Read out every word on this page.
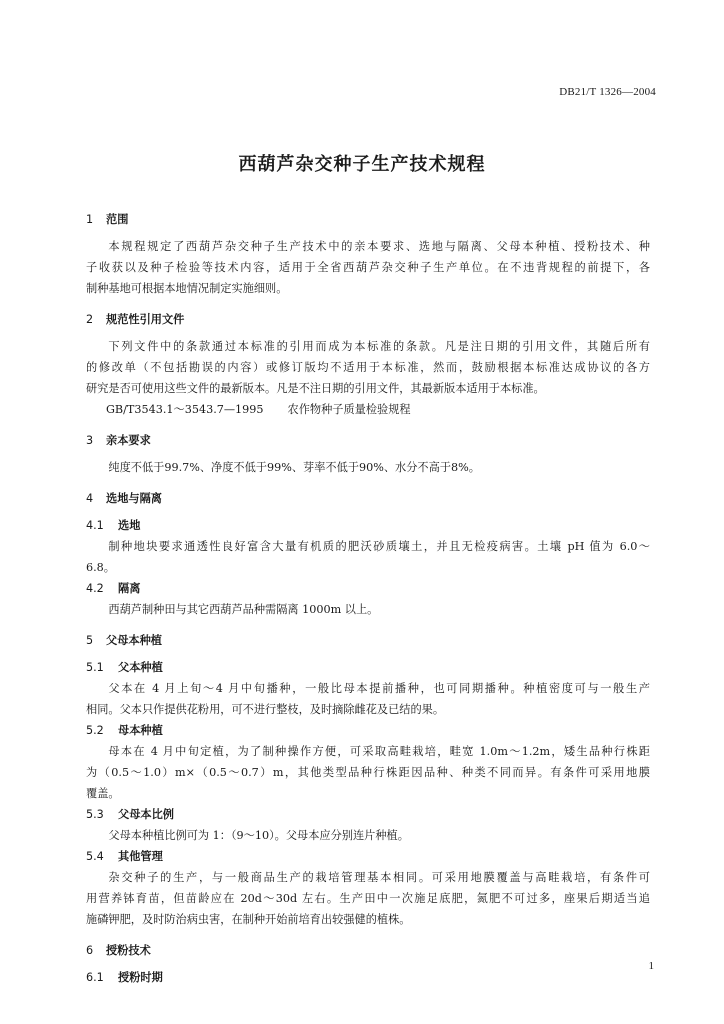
DB21/T 1326—2004
西葫芦杂交种子生产技术规程
1 范围
本规程规定了西葫芦杂交种子生产技术中的亲本要求、选地与隔离、父母本种植、授粉技术、种
子收获以及种子检验等技术内容，适用于全省西葫芦杂交种子生产单位。在不违背规程的前提下，各
制种基地可根据本地情况制定实施细则。
2 规范性引用文件
下列文件中的条款通过本标准的引用而成为本标准的条款。凡是注日期的引用文件，其随后所有
的修改单（不包括勘误的内容）或修订版均不适用于本标准，然而，鼓励根据本标准达成协议的各方
研究是否可使用这些文件的最新版本。凡是不注日期的引用文件，其最新版本适用于本标准。
GB/T3543.1～3543.7—1995 农作物种子质量检验规程
3 亲本要求
纯度不低于99.7%、净度不低于99%、芽率不低于90%、水分不高于8%。
4 选地与隔离
4.1 选地
制种地块要求通透性良好富含大量有机质的肥沃砂质壤土，并且无检疫病害。土壤 pH 值为 6.0～
6.8。
4.2 隔离
西葫芦制种田与其它西葫芦品种需隔离 1000m 以上。
5 父母本种植
5.1 父本种植
父本在 4 月上旬～4 月中旬播种，一般比母本提前播种，也可同期播种。种植密度可与一般生产
相同。父本只作提供花粉用，可不进行整枝，及时摘除雌花及已结的果。
5.2 母本种植
母本在 4 月中旬定植，为了制种操作方便，可采取高畦栽培，畦宽 1.0m～1.2m，矮生品种行株距
为（0.5～1.0）m×（0.5～0.7）m，其他类型品种行株距因品种、种类不同而异。有条件可采用地膜
覆盖。
5.3 父母本比例
父母本种植比例可为 1：（9～10）。父母本应分别连片种植。
5.4 其他管理
杂交种子的生产，与一般商品生产的栽培管理基本相同。可采用地膜覆盖与高畦栽培，有条件可
用营养钵育苗，但苗龄应在 20d～30d 左右。生产田中一次施足底肥，氮肥不可过多，座果后期适当追
施磷钾肥，及时防治病虫害，在制种开始前培育出较强健的植株。
6 授粉技术
6.1 授粉时期
1
